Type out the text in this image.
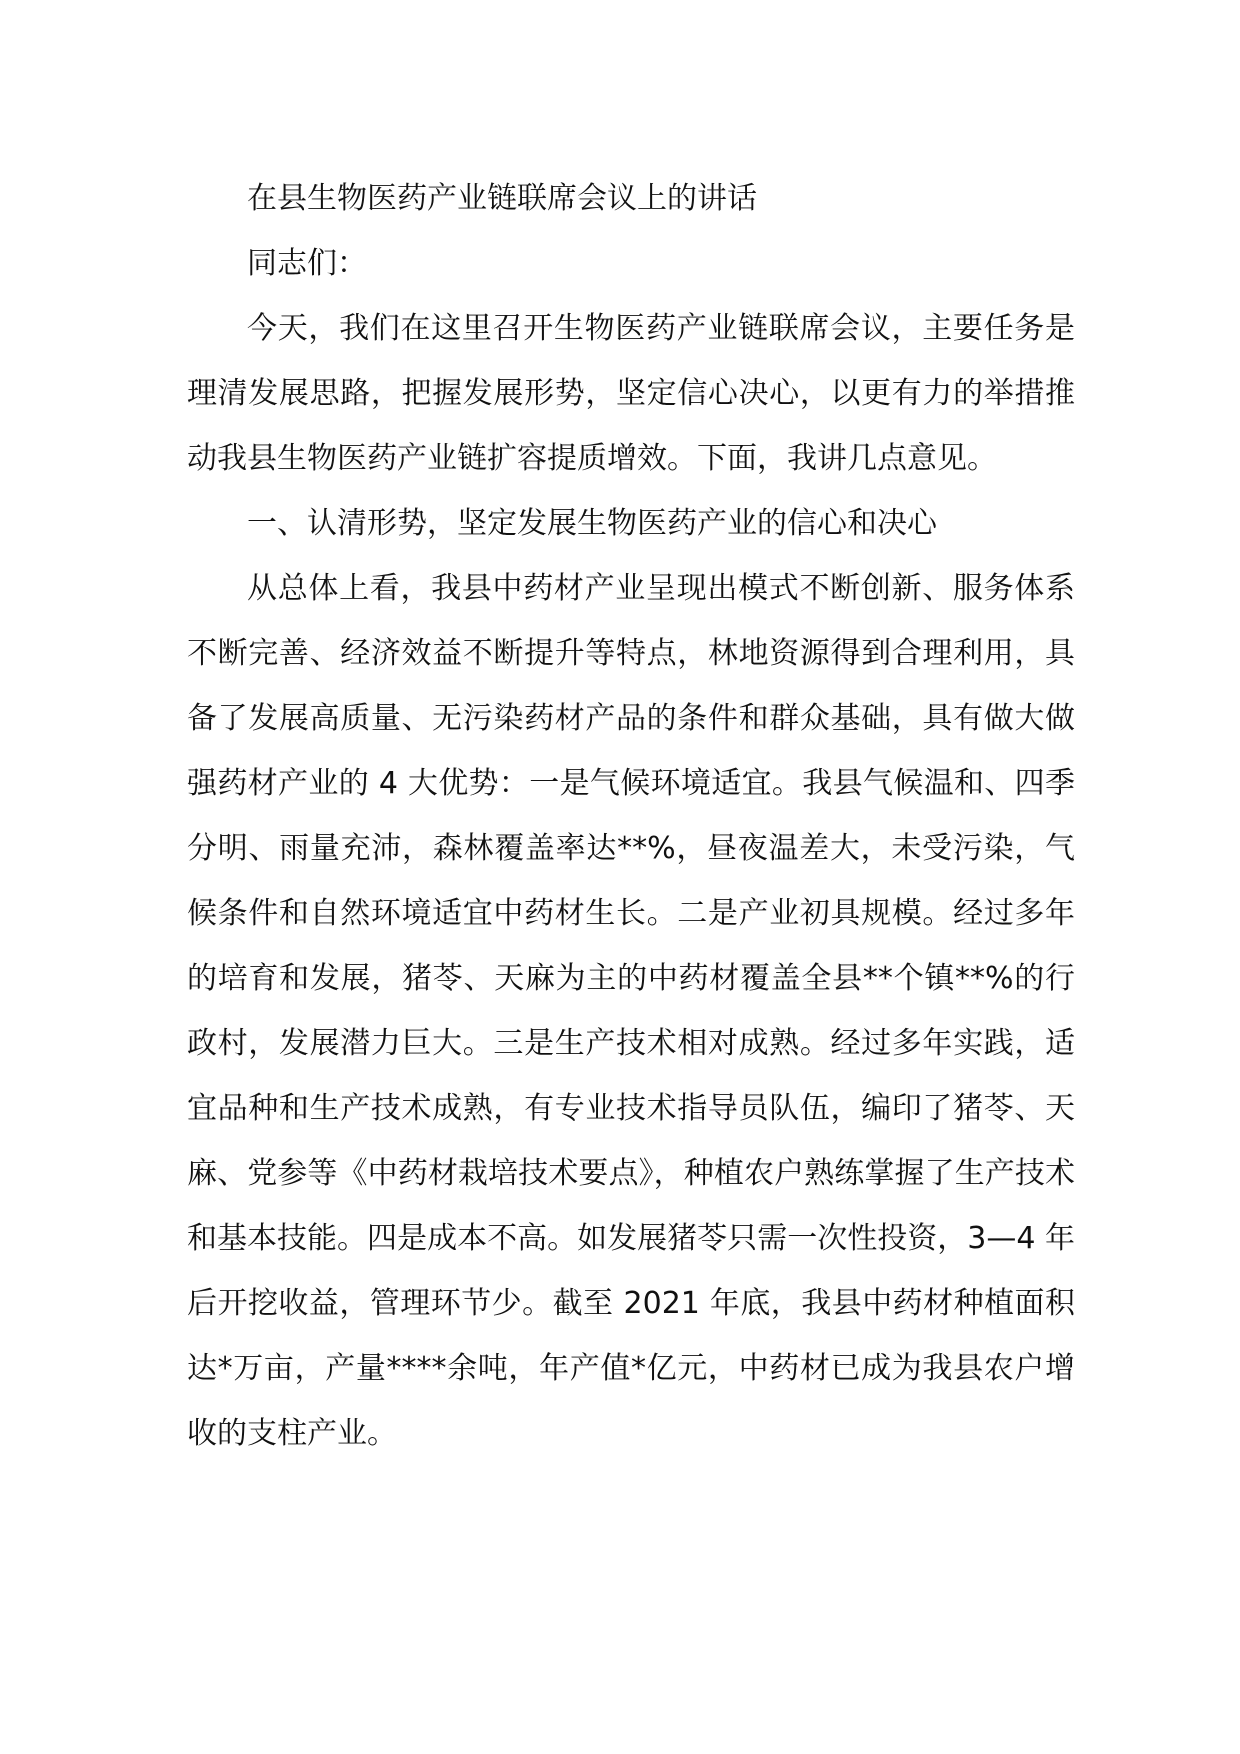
在县生物医药产业链联席会议上的讲话

同志们：

今天，我们在这里召开生物医药产业链联席会议，主要任务是理清发展思路，把握发展形势，坚定信心决心，以更有力的举措推动我县生物医药产业链扩容提质增效。下面，我讲几点意见。

一、认清形势，坚定发展生物医药产业的信心和决心

从总体上看，我县中药材产业呈现出模式不断创新、服务体系不断完善、经济效益不断提升等特点，林地资源得到合理利用，具备了发展高质量、无污染药材产品的条件和群众基础，具有做大做强药材产业的 4 大优势：一是气候环境适宜。我县气候温和、四季分明、雨量充沛，森林覆盖率达**%，昼夜温差大，未受污染，气候条件和自然环境适宜中药材生长。二是产业初具规模。经过多年的培育和发展，猪苓、天麻为主的中药材覆盖全县**个镇**%的行政村，发展潜力巨大。三是生产技术相对成熟。经过多年实践，适宜品种和生产技术成熟，有专业技术指导员队伍，编印了猪苓、天麻、党参等《中药材栽培技术要点》，种植农户熟练掌握了生产技术和基本技能。四是成本不高。如发展猪苓只需一次性投资，3—4 年后开挖收益，管理环节少。截至 2021 年底，我县中药材种植面积达*万亩，产量****余吨，年产值*亿元，中药材已成为我县农户增收的支柱产业。
